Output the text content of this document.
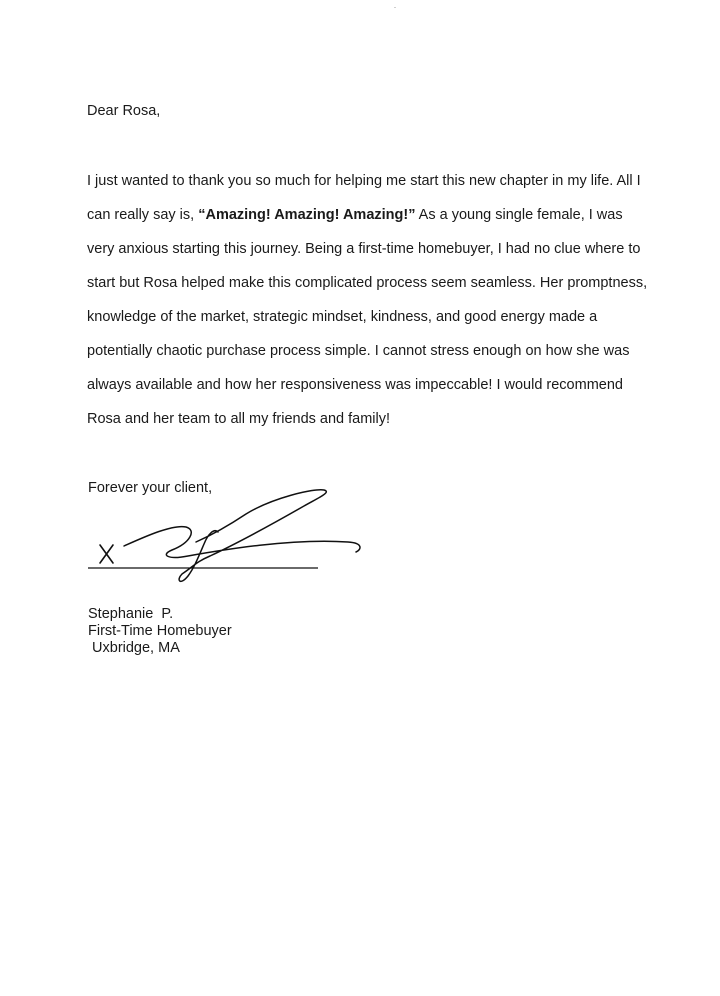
Dear Rosa,

I just wanted to thank you so much for helping me start this new chapter in my life. All I
can really say is, “Amazing! Amazing! Amazing!” As a young single female, I was
very anxious starting this journey. Being a first-time homebuyer, I had no clue where to
start but Rosa helped make this complicated process seem seamless. Her promptness,
knowledge of the market, strategic mindset, kindness, and good energy made a
potentially chaotic purchase process simple. I cannot stress enough on how she was
always available and how her responsiveness was impeccable! I would recommend
Rosa and her team to all my friends and family!

Forever your client,

Stephanie  P.
First-Time Homebuyer
Uxbridge, MA
